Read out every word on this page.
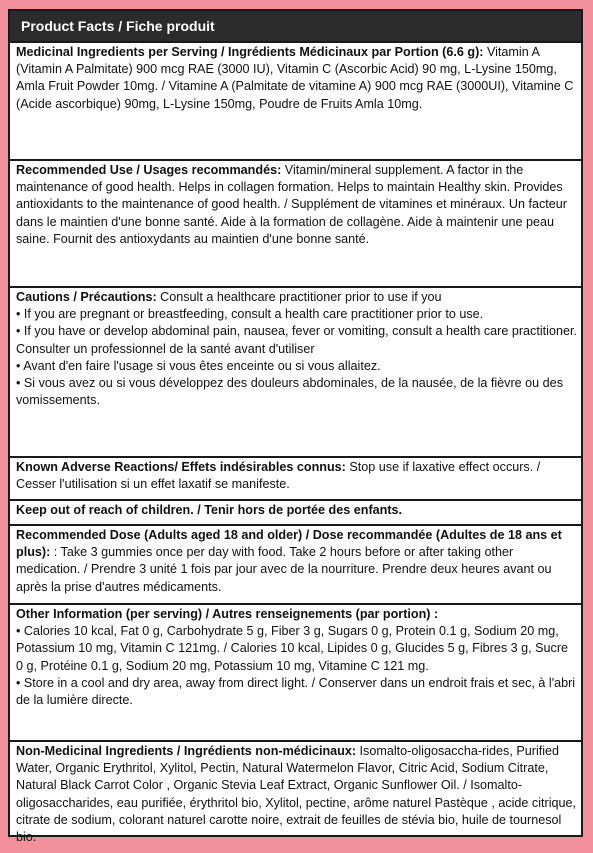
Product Facts / Fiche produit
Medicinal Ingredients per Serving / Ingrédients Médicinaux par Portion (6.6 g): Vitamin A (Vitamin A Palmitate) 900 mcg RAE (3000 IU), Vitamin C (Ascorbic Acid) 90 mg, L-Lysine 150mg, Amla Fruit Powder 10mg. / Vitamine A (Palmitate de vitamine A) 900 mcg RAE (3000UI), Vitamine C (Acide ascorbique) 90mg, L-Lysine 150mg, Poudre de Fruits Amla 10mg.
Recommended Use / Usages recommandés: Vitamin/mineral supplement. A factor in the maintenance of good health. Helps in collagen formation. Helps to maintain Healthy skin. Provides antioxidants to the maintenance of good health. / Supplément de vitamines et minéraux. Un facteur dans le maintien d'une bonne santé. Aide à la formation de collagène. Aide à maintenir une peau saine. Fournit des antioxydants au maintien d'une bonne santé.
Cautions / Précautions: Consult a healthcare practitioner prior to use if you
• If you are pregnant or breastfeeding, consult a health care practitioner prior to use.
• If you have or develop abdominal pain, nausea, fever or vomiting, consult a health care practitioner.
Consulter un professionnel de la santé avant d'utiliser
• Avant d'en faire l'usage si vous êtes enceinte ou si vous allaitez.
• Si vous avez ou si vous développez des douleurs abdominales, de la nausée, de la fièvre ou des vomissements.
Known Adverse Reactions/ Effets indésirables connus: Stop use if laxative effect occurs. / Cesser l'utilisation si un effet laxatif se manifeste.
Keep out of reach of children. / Tenir hors de portée des enfants.
Recommended Dose (Adults aged 18 and older) / Dose recommandée (Adultes de 18 ans et plus): : Take 3 gummies once per day with food. Take 2 hours before or after taking other medication. / Prendre 3 unité 1 fois par jour avec de la nourriture. Prendre deux heures avant ou après la prise d'autres médicaments.
Other Information (per serving) / Autres renseignements (par portion) :
• Calories 10 kcal, Fat 0 g, Carbohydrate 5 g, Fiber 3 g, Sugars 0 g, Protein 0.1 g, Sodium 20 mg, Potassium 10 mg, Vitamin C 121mg. / Calories 10 kcal, Lipides 0 g, Glucides 5 g, Fibres 3 g, Sucre 0 g, Protéine 0.1 g, Sodium 20 mg, Potassium 10 mg, Vitamine C 121 mg.
• Store in a cool and dry area, away from direct light. / Conserver dans un endroit frais et sec, à l'abri de la lumière directe.
Non-Medicinal Ingredients / Ingrédients non-médicinaux: Isomalto-oligosaccha-rides, Purified Water, Organic Erythritol, Xylitol, Pectin, Natural Watermelon Flavor, Citric Acid, Sodium Citrate, Natural Black Carrot Color , Organic Stevia Leaf Extract, Organic Sunflower Oil. / Isomalto-oligosaccharides, eau purifiée, érythritol bio, Xylitol, pectine, arôme naturel Pastèque , acide citrique, citrate de sodium, colorant naturel carotte noire, extrait de feuilles de stévia bio, huile de tournesol bio.
